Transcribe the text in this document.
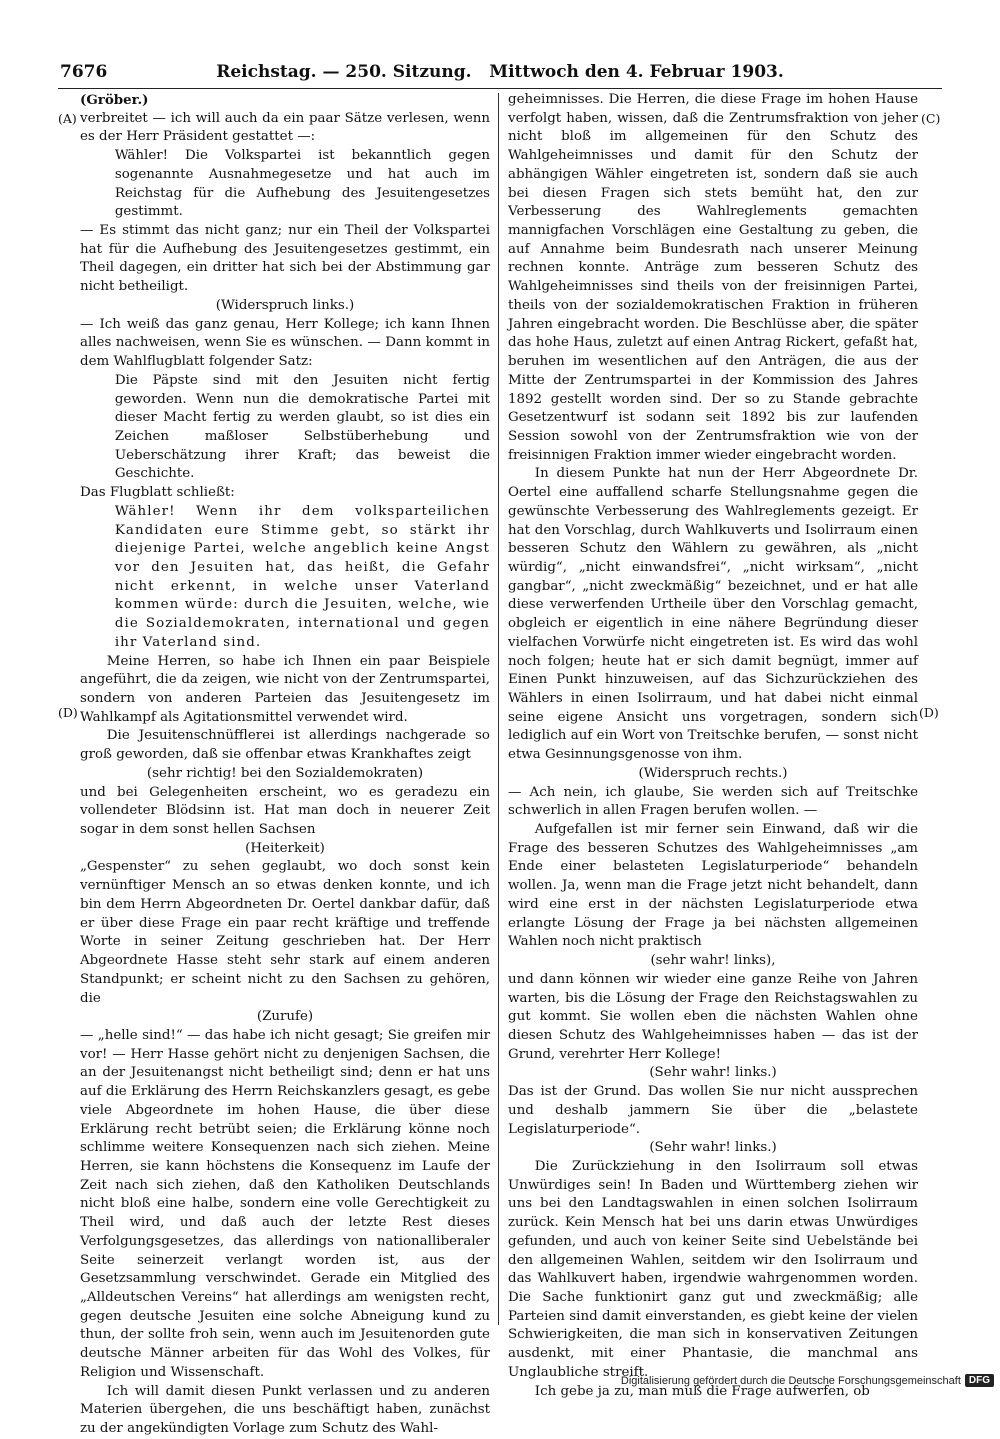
7676	Reichstag. — 250. Sitzung.   Mittwoch den 4. Februar 1903.
(A)	(C)
(D)	(D)

(Gröber.)

verbreitet — ich will auch da ein paar Sätze verlesen, wenn es der Herr Präsident gestattet —:

Wähler! Die Volkspartei ist bekanntlich gegen sogenannte Ausnahmegesetze und hat auch im Reichstag für die Aufhebung des Jesuitengesetzes gestimmt.

— Es stimmt das nicht ganz; nur ein Theil der Volkspartei hat für die Aufhebung des Jesuitengesetzes gestimmt, ein Theil dagegen, ein dritter hat sich bei der Abstimmung gar nicht betheiligt.

(Widerspruch links.)

— Ich weiß das ganz genau, Herr Kollege; ich kann Ihnen alles nachweisen, wenn Sie es wünschen. — Dann kommt in dem Wahlflugblatt folgender Satz:

Die Päpste sind mit den Jesuiten nicht fertig geworden. Wenn nun die demokratische Partei mit dieser Macht fertig zu werden glaubt, so ist dies ein Zeichen maßloser Selbstüberhebung und Ueberschätzung ihrer Kraft; das beweist die Geschichte.

Das Flugblatt schließt:

Wähler! Wenn ihr dem volksparteilichen Kandidaten eure Stimme gebt, so stärkt ihr diejenige Partei, welche angeblich keine Angst vor den Jesuiten hat, das heißt, die Gefahr nicht erkennt, in welche unser Vaterland kommen würde: durch die Jesuiten, welche, wie die Sozialdemokraten, international und gegen ihr Vaterland sind.

Meine Herren, so habe ich Ihnen ein paar Beispiele angeführt, die da zeigen, wie nicht von der Zentrumspartei, sondern von anderen Parteien das Jesuitengesetz im Wahlkampf als Agitationsmittel verwendet wird.

Die Jesuitenschnüfflerei ist allerdings nachgerade so groß geworden, daß sie offenbar etwas Krankhaftes zeigt

(sehr richtig! bei den Sozialdemokraten)

und bei Gelegenheiten erscheint, wo es geradezu ein vollendeter Blödsinn ist. Hat man doch in neuerer Zeit sogar in dem sonst hellen Sachsen

(Heiterkeit)

„Gespenster“ zu sehen geglaubt, wo doch sonst kein vernünftiger Mensch an so etwas denken konnte, und ich bin dem Herrn Abgeordneten Dr. Oertel dankbar dafür, daß er über diese Frage ein paar recht kräftige und treffende Worte in seiner Zeitung geschrieben hat. Der Herr Abgeordnete Hasse steht sehr stark auf einem anderen Standpunkt; er scheint nicht zu den Sachsen zu gehören, die

(Zurufe)

— „helle sind!“ — das habe ich nicht gesagt; Sie greifen mir vor! — Herr Hasse gehört nicht zu denjenigen Sachsen, die an der Jesuitenangst nicht betheiligt sind; denn er hat uns auf die Erklärung des Herrn Reichskanzlers gesagt, es gebe viele Abgeordnete im hohen Hause, die über diese Erklärung recht betrübt seien; die Erklärung könne noch schlimme weitere Konsequenzen nach sich ziehen. Meine Herren, sie kann höchstens die Konsequenz im Laufe der Zeit nach sich ziehen, daß den Katholiken Deutschlands nicht bloß eine halbe, sondern eine volle Gerechtigkeit zu Theil wird, und daß auch der letzte Rest dieses Verfolgungsgesetzes, das allerdings von nationalliberaler Seite seinerzeit verlangt worden ist, aus der Gesetzsammlung verschwindet. Gerade ein Mitglied des „Alldeutschen Vereins“ hat allerdings am wenigsten recht, gegen deutsche Jesuiten eine solche Abneigung kund zu thun, der sollte froh sein, wenn auch im Jesuitenorden gute deutsche Männer arbeiten für das Wohl des Volkes, für Religion und Wissenschaft.

Ich will damit diesen Punkt verlassen und zu anderen Materien übergehen, die uns beschäftigt haben, zunächst zu der angekündigten Vorlage zum Schutz des Wahl-

geheimnisses. Die Herren, die diese Frage im hohen Hause verfolgt haben, wissen, daß die Zentrumsfraktion von jeher nicht bloß im allgemeinen für den Schutz des Wahlgeheimnisses und damit für den Schutz der abhängigen Wähler eingetreten ist, sondern daß sie auch bei diesen Fragen sich stets bemüht hat, den zur Verbesserung des Wahlreglements gemachten mannigfachen Vorschlägen eine Gestaltung zu geben, die auf Annahme beim Bundesrath nach unserer Meinung rechnen konnte. Anträge zum besseren Schutz des Wahlgeheimnisses sind theils von der freisinnigen Partei, theils von der sozialdemokratischen Fraktion in früheren Jahren eingebracht worden. Die Beschlüsse aber, die später das hohe Haus, zuletzt auf einen Antrag Rickert, gefaßt hat, beruhen im wesentlichen auf den Anträgen, die aus der Mitte der Zentrumspartei in der Kommission des Jahres 1892 gestellt worden sind. Der so zu Stande gebrachte Gesetzentwurf ist sodann seit 1892 bis zur laufenden Session sowohl von der Zentrumsfraktion wie von der freisinnigen Fraktion immer wieder eingebracht worden.

In diesem Punkte hat nun der Herr Abgeordnete Dr. Oertel eine auffallend scharfe Stellungsnahme gegen die gewünschte Verbesserung des Wahlreglements gezeigt. Er hat den Vorschlag, durch Wahlkuverts und Isolirraum einen besseren Schutz den Wählern zu gewähren, als „nicht würdig“, „nicht einwandsfrei“, „nicht wirksam“, „nicht gangbar“, „nicht zweckmäßig“ bezeichnet, und er hat alle diese verwerfenden Urtheile über den Vorschlag gemacht, obgleich er eigentlich in eine nähere Begründung dieser vielfachen Vorwürfe nicht eingetreten ist. Es wird das wohl noch folgen; heute hat er sich damit begnügt, immer auf Einen Punkt hinzuweisen, auf das Sichzurückziehen des Wählers in einen Isolirraum, und hat dabei nicht einmal seine eigene Ansicht uns vorgetragen, sondern sich lediglich auf ein Wort von Treitschke berufen, — sonst nicht etwa Gesinnungsgenosse von ihm.

(Widerspruch rechts.)

— Ach nein, ich glaube, Sie werden sich auf Treitschke schwerlich in allen Fragen berufen wollen. —

Aufgefallen ist mir ferner sein Einwand, daß wir die Frage des besseren Schutzes des Wahlgeheimnisses „am Ende einer belasteten Legislaturperiode“ behandeln wollen. Ja, wenn man die Frage jetzt nicht behandelt, dann wird eine erst in der nächsten Legislaturperiode etwa erlangte Lösung der Frage ja bei nächsten allgemeinen Wahlen noch nicht praktisch

(sehr wahr! links),

und dann können wir wieder eine ganze Reihe von Jahren warten, bis die Lösung der Frage den Reichstagswahlen zu gut kommt. Sie wollen eben die nächsten Wahlen ohne diesen Schutz des Wahlgeheimnisses haben — das ist der Grund, verehrter Herr Kollege!

(Sehr wahr! links.)

Das ist der Grund. Das wollen Sie nur nicht aussprechen und deshalb jammern Sie über die „belastete Legislaturperiode“.

(Sehr wahr! links.)

Die Zurückziehung in den Isolirraum soll etwas Unwürdiges sein! In Baden und Württemberg ziehen wir uns bei den Landtagswahlen in einen solchen Isolirraum zurück. Kein Mensch hat bei uns darin etwas Unwürdiges gefunden, und auch von keiner Seite sind Uebelstände bei den allgemeinen Wahlen, seitdem wir den Isolirraum und das Wahlkuvert haben, irgendwie wahrgenommen worden. Die Sache funktionirt ganz gut und zweckmäßig; alle Parteien sind damit einverstanden, es giebt keine der vielen Schwierigkeiten, die man sich in konservativen Zeitungen ausdenkt, mit einer Phantasie, die manchmal ans Unglaubliche streift.

Ich gebe ja zu, man muß die Frage aufwerfen, ob

Digitalisierung gefördert durch die Deutsche Forschungsgemeinschaft DFG
